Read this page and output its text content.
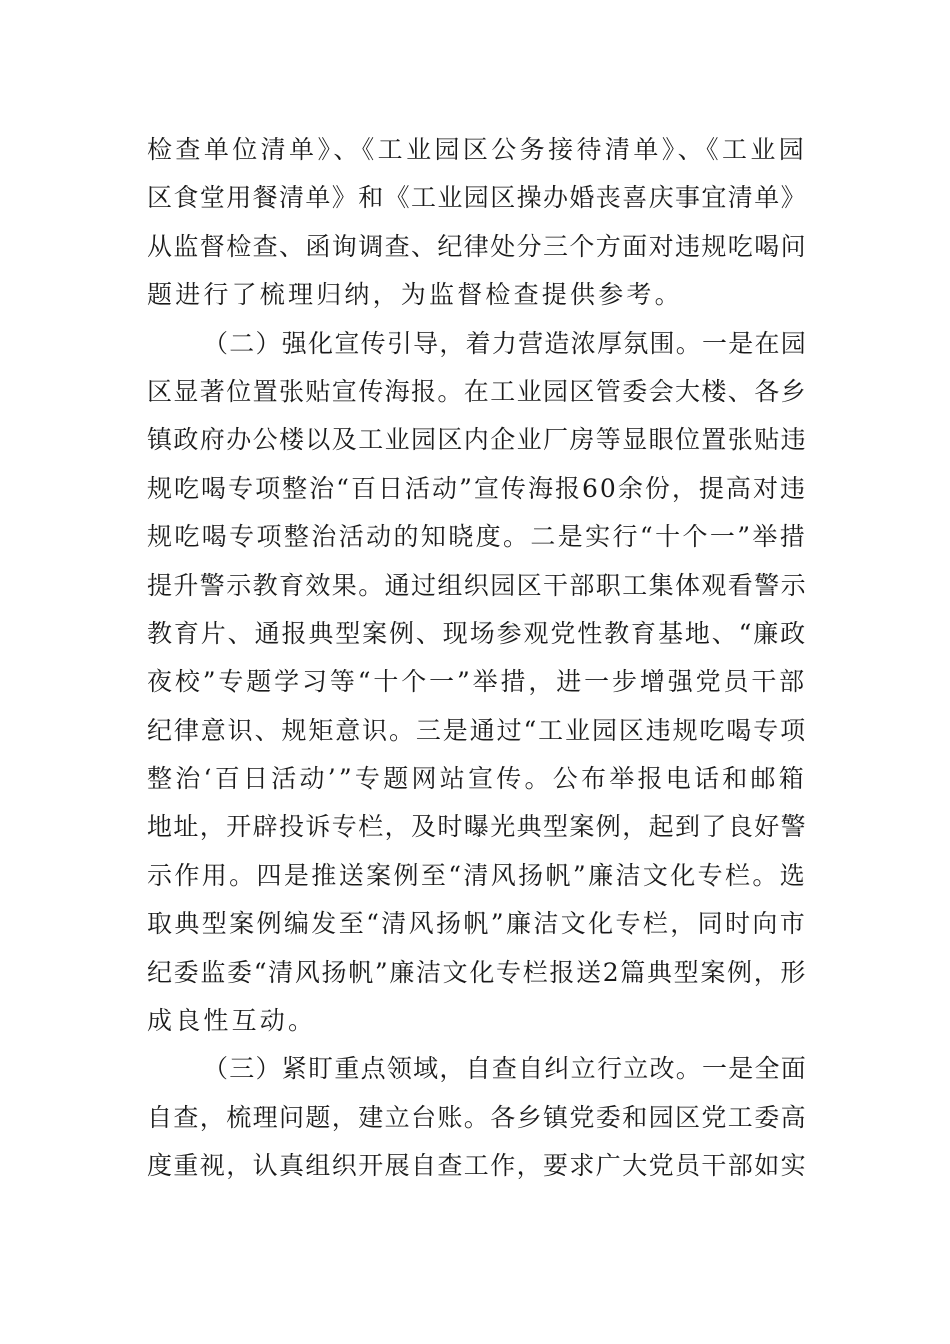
检查单位清单》、《工业园区公务接待清单》、《工业园
区食堂用餐清单》和《工业园区操办婚丧喜庆事宜清单》
从监督检查、函询调查、纪律处分三个方面对违规吃喝问
题进行了梳理归纳，为监督检查提供参考。
（二）强化宣传引导，着力营造浓厚氛围。一是在园
区显著位置张贴宣传海报。在工业园区管委会大楼、各乡
镇政府办公楼以及工业园区内企业厂房等显眼位置张贴违
规吃喝专项整治“百日活动”宣传海报60余份，提高对违
规吃喝专项整治活动的知晓度。二是实行“十个一”举措
提升警示教育效果。通过组织园区干部职工集体观看警示
教育片、通报典型案例、现场参观党性教育基地、“廉政
夜校”专题学习等“十个一”举措，进一步增强党员干部
纪律意识、规矩意识。三是通过“工业园区违规吃喝专项
整治‘百日活动’”专题网站宣传。公布举报电话和邮箱
地址，开辟投诉专栏，及时曝光典型案例，起到了良好警
示作用。四是推送案例至“清风扬帆”廉洁文化专栏。选
取典型案例编发至“清风扬帆”廉洁文化专栏，同时向市
纪委监委“清风扬帆”廉洁文化专栏报送2篇典型案例，形
成良性互动。
（三）紧盯重点领域，自查自纠立行立改。一是全面
自查，梳理问题，建立台账。各乡镇党委和园区党工委高
度重视，认真组织开展自查工作，要求广大党员干部如实
